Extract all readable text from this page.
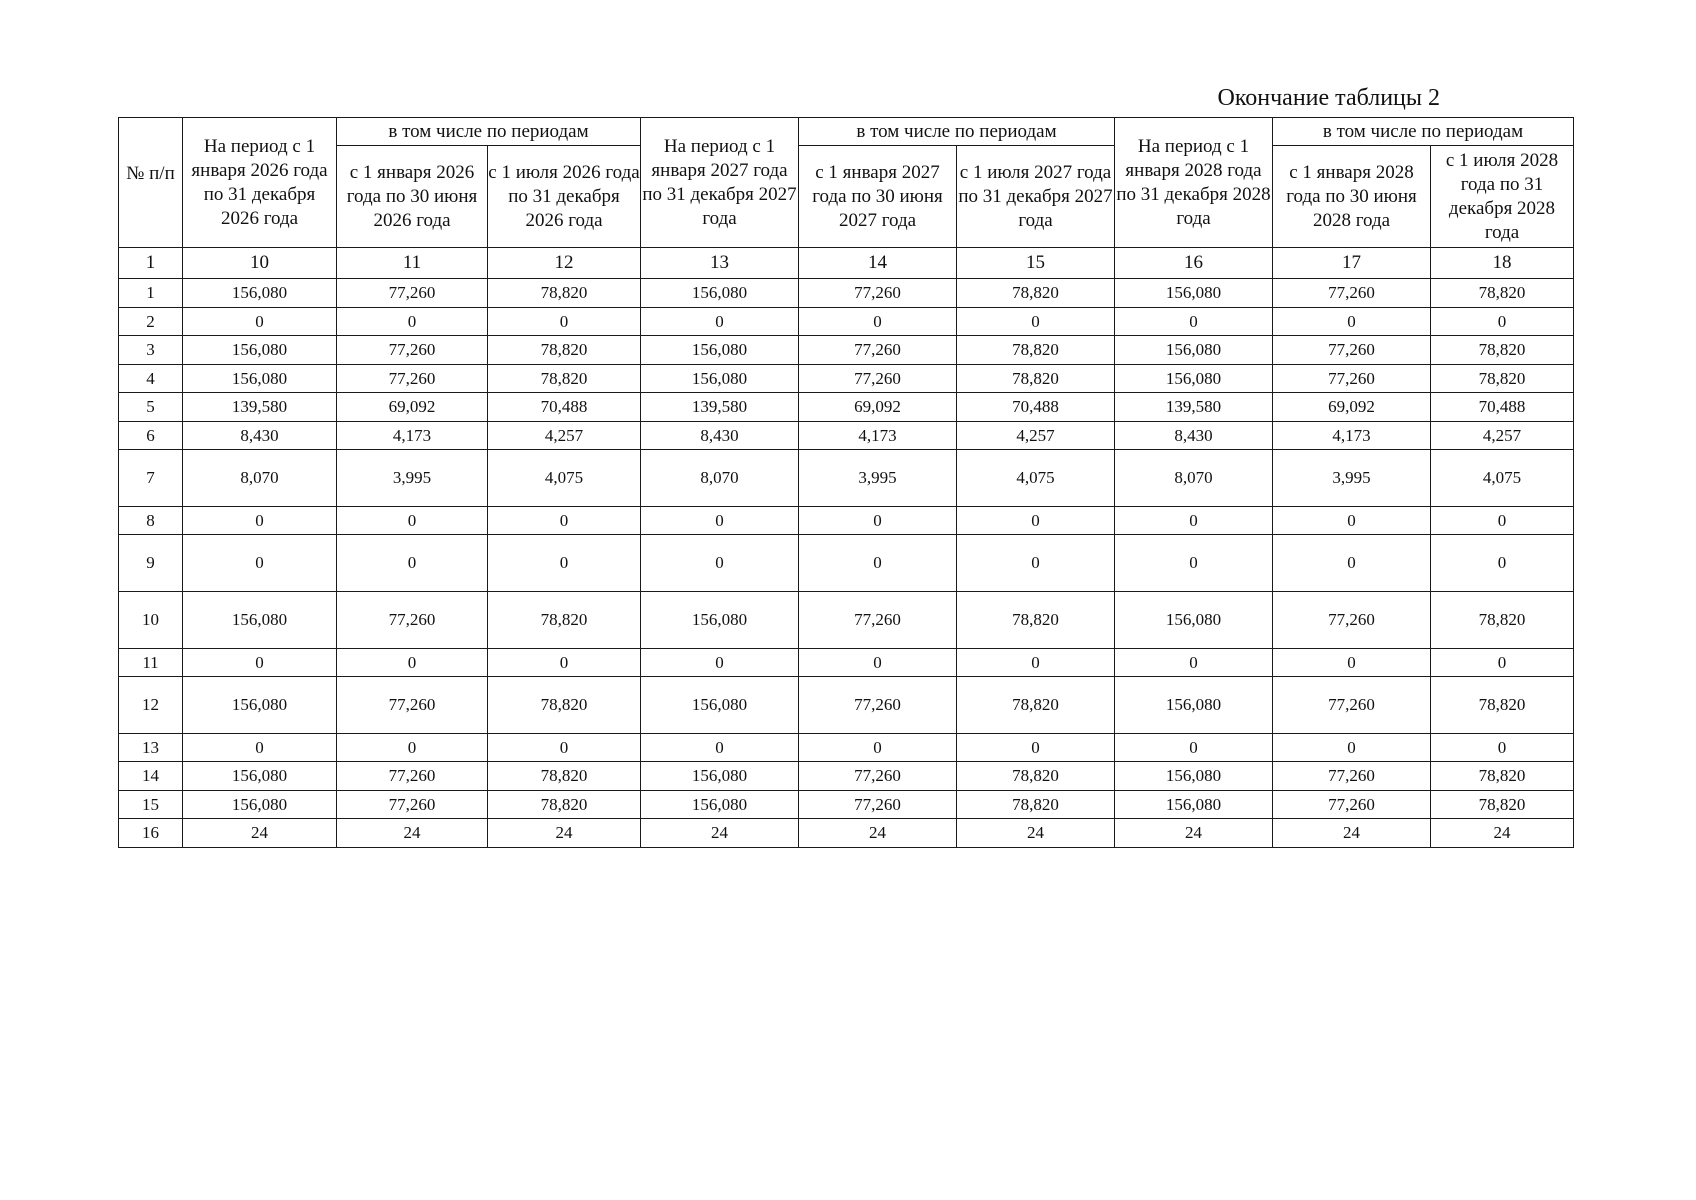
Окончание таблицы 2
№ п/п	На период с 1 января 2026 года по 31 декабря 2026 года	в том числе по периодам		На период с 1 января 2027 года по 31 декабря 2027 года	в том числе по периодам		На период с 1 января 2028 года по 31 декабря 2028 года	в том числе по периодам	
		с 1 января 2026 года по 30 июня 2026 года	с 1 июля 2026 года по 31 декабря 2026 года		с 1 января 2027 года по 30 июня 2027 года	с 1 июля 2027 года по 31 декабря 2027 года		с 1 января 2028 года по 30 июня 2028 года	с 1 июля 2028 года по 31 декабря 2028 года
1	10	11	12	13	14	15	16	17	18
1	156,080	77,260	78,820	156,080	77,260	78,820	156,080	77,260	78,820
2	0	0	0	0	0	0	0	0	0
3	156,080	77,260	78,820	156,080	77,260	78,820	156,080	77,260	78,820
4	156,080	77,260	78,820	156,080	77,260	78,820	156,080	77,260	78,820
5	139,580	69,092	70,488	139,580	69,092	70,488	139,580	69,092	70,488
6	8,430	4,173	4,257	8,430	4,173	4,257	8,430	4,173	4,257
7	8,070	3,995	4,075	8,070	3,995	4,075	8,070	3,995	4,075
8	0	0	0	0	0	0	0	0	0
9	0	0	0	0	0	0	0	0	0
10	156,080	77,260	78,820	156,080	77,260	78,820	156,080	77,260	78,820
11	0	0	0	0	0	0	0	0	0
12	156,080	77,260	78,820	156,080	77,260	78,820	156,080	77,260	78,820
13	0	0	0	0	0	0	0	0	0
14	156,080	77,260	78,820	156,080	77,260	78,820	156,080	77,260	78,820
15	156,080	77,260	78,820	156,080	77,260	78,820	156,080	77,260	78,820
16	24	24	24	24	24	24	24	24	24
